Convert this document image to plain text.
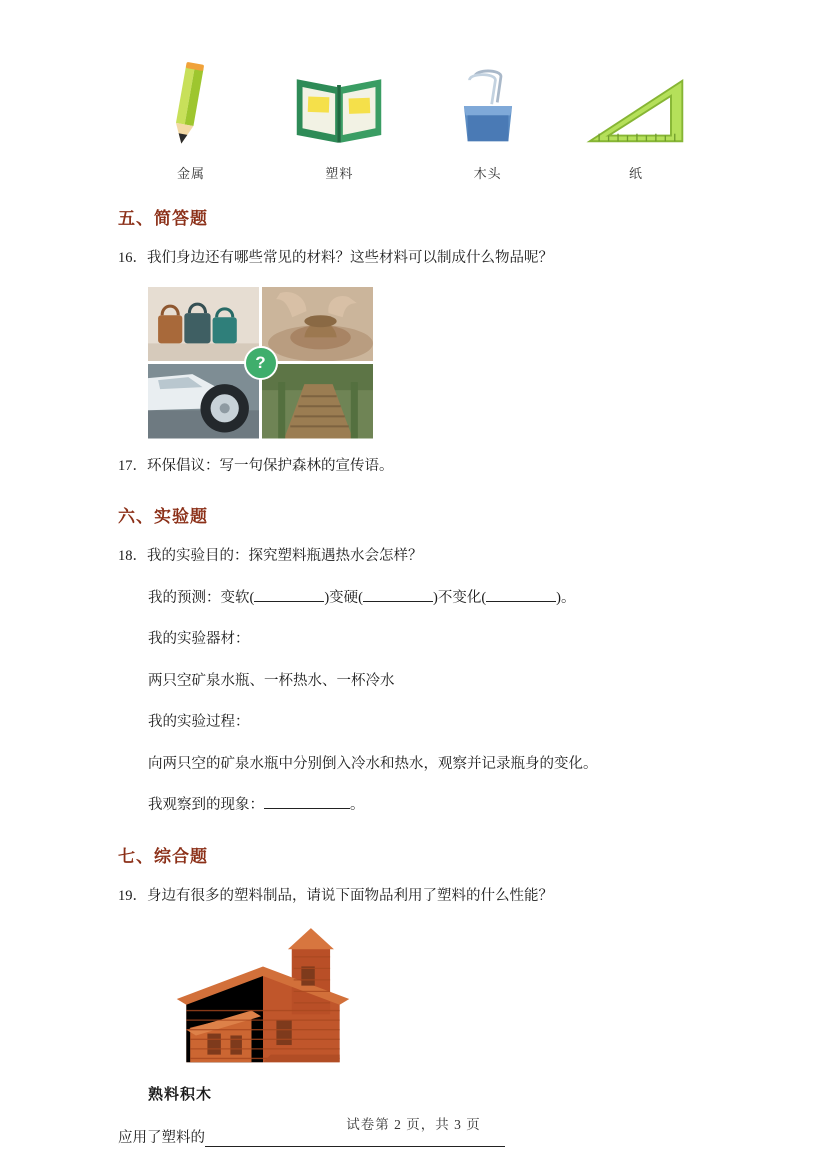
金属	塑料	木头	纸
五、简答题
16．我们身边还有哪些常见的材料？这些材料可以制成什么物品呢？
?
17．环保倡议：写一句保护森林的宣传语。
六、实验题
18．我的实验目的：探究塑料瓶遇热水会怎样？
我的预测：变软(	)变硬(	)不变化(	)。
我的实验器材：
两只空矿泉水瓶、一杯热水、一杯冷水
我的实验过程：
向两只空的矿泉水瓶中分别倒入冷水和热水，观察并记录瓶身的变化。
我观察到的现象：	。
七、综合题
19．身边有很多的塑料制品，请说下面物品利用了塑料的什么性能？
熟料积木
应用了塑料的
试卷第 2 页，共 3 页
